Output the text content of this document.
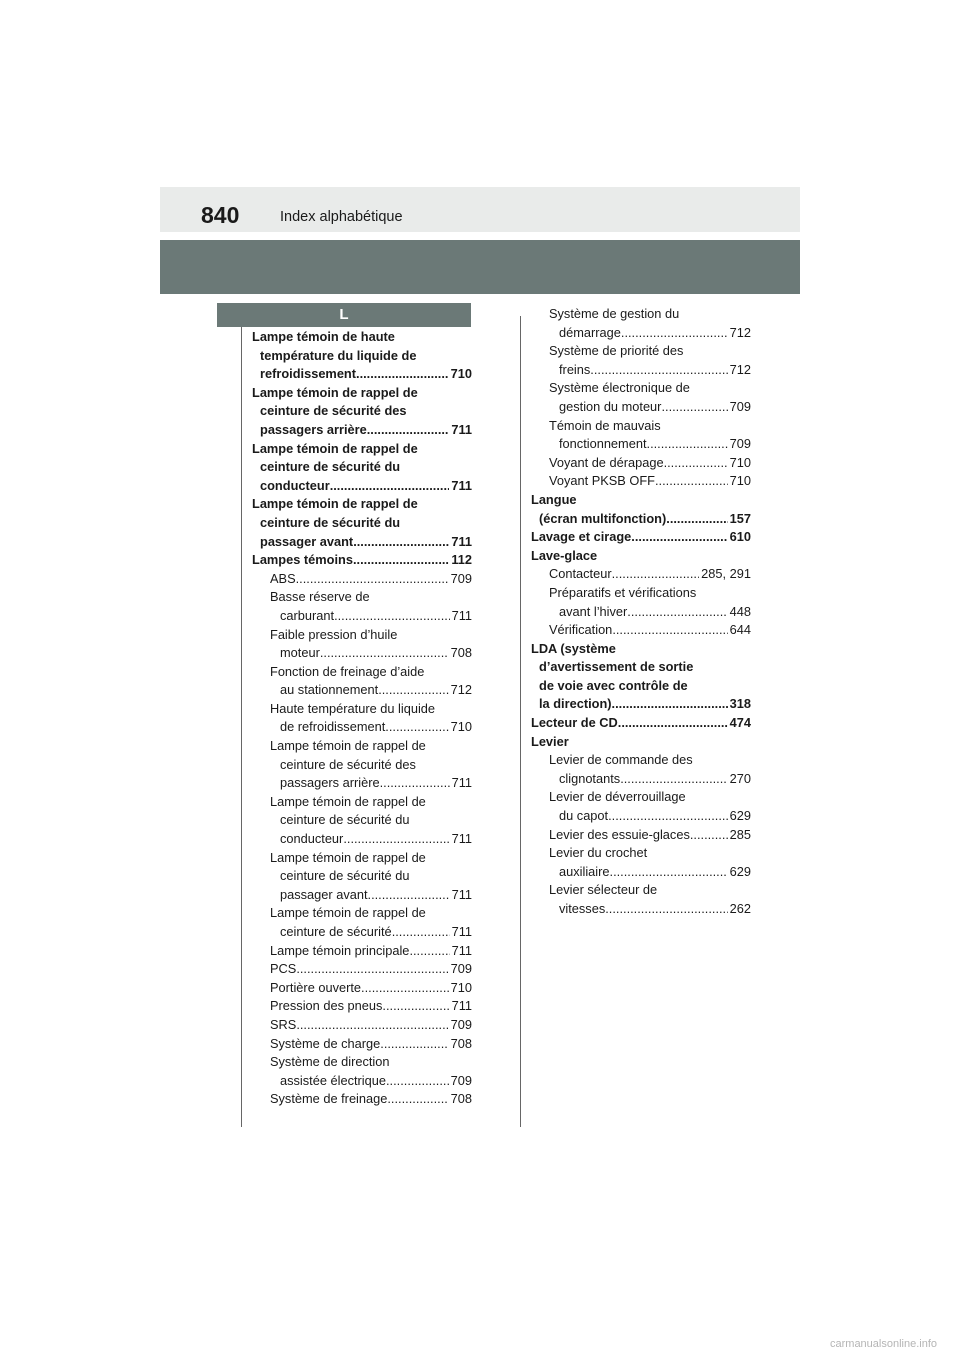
840	Index alphabétique
L
Lampe témoin de haute
température du liquide de
refroidissement .....	710
Lampe témoin de rappel de
ceinture de sécurité des
passagers arrière .....	711
Lampe témoin de rappel de
ceinture de sécurité du
conducteur .....	711
Lampe témoin de rappel de
ceinture de sécurité du
passager avant .....	711
Lampes témoins .....	112
ABS .....	709
Basse réserve de
carburant .....	711
Faible pression d’huile
moteur .....	708
Fonction de freinage d’aide
au stationnement .....	712
Haute température du liquide
de refroidissement .....	710
Lampe témoin de rappel de
ceinture de sécurité des
passagers arrière .....	711
Lampe témoin de rappel de
ceinture de sécurité du
conducteur .....	711
Lampe témoin de rappel de
ceinture de sécurité du
passager avant .....	711
Lampe témoin de rappel de
ceinture de sécurité .....	711
Lampe témoin principale .....	711
PCS .....	709
Portière ouverte .....	710
Pression des pneus .....	711
SRS .....	709
Système de charge .....	708
Système de direction
assistée électrique .....	709
Système de freinage .....	708
Système de gestion du
démarrage .....	712
Système de priorité des
freins .....	712
Système électronique de
gestion du moteur .....	709
Témoin de mauvais
fonctionnement .....	709
Voyant de dérapage .....	710
Voyant PKSB OFF .....	710
Langue
(écran multifonction) .....	157
Lavage et cirage .....	610
Lave-glace
Contacteur .....	285, 291
Préparatifs et vérifications
avant l’hiver .....	448
Vérification .....	644
LDA (système
d’avertissement de sortie
de voie avec contrôle de
la direction) .....	318
Lecteur de CD .....	474
Levier
Levier de commande des
clignotants .....	270
Levier de déverrouillage
du capot .....	629
Levier des essuie-glaces .....	285
Levier du crochet
auxiliaire .....	629
Levier sélecteur de
vitesses .....	262
carmanualsonline.info
